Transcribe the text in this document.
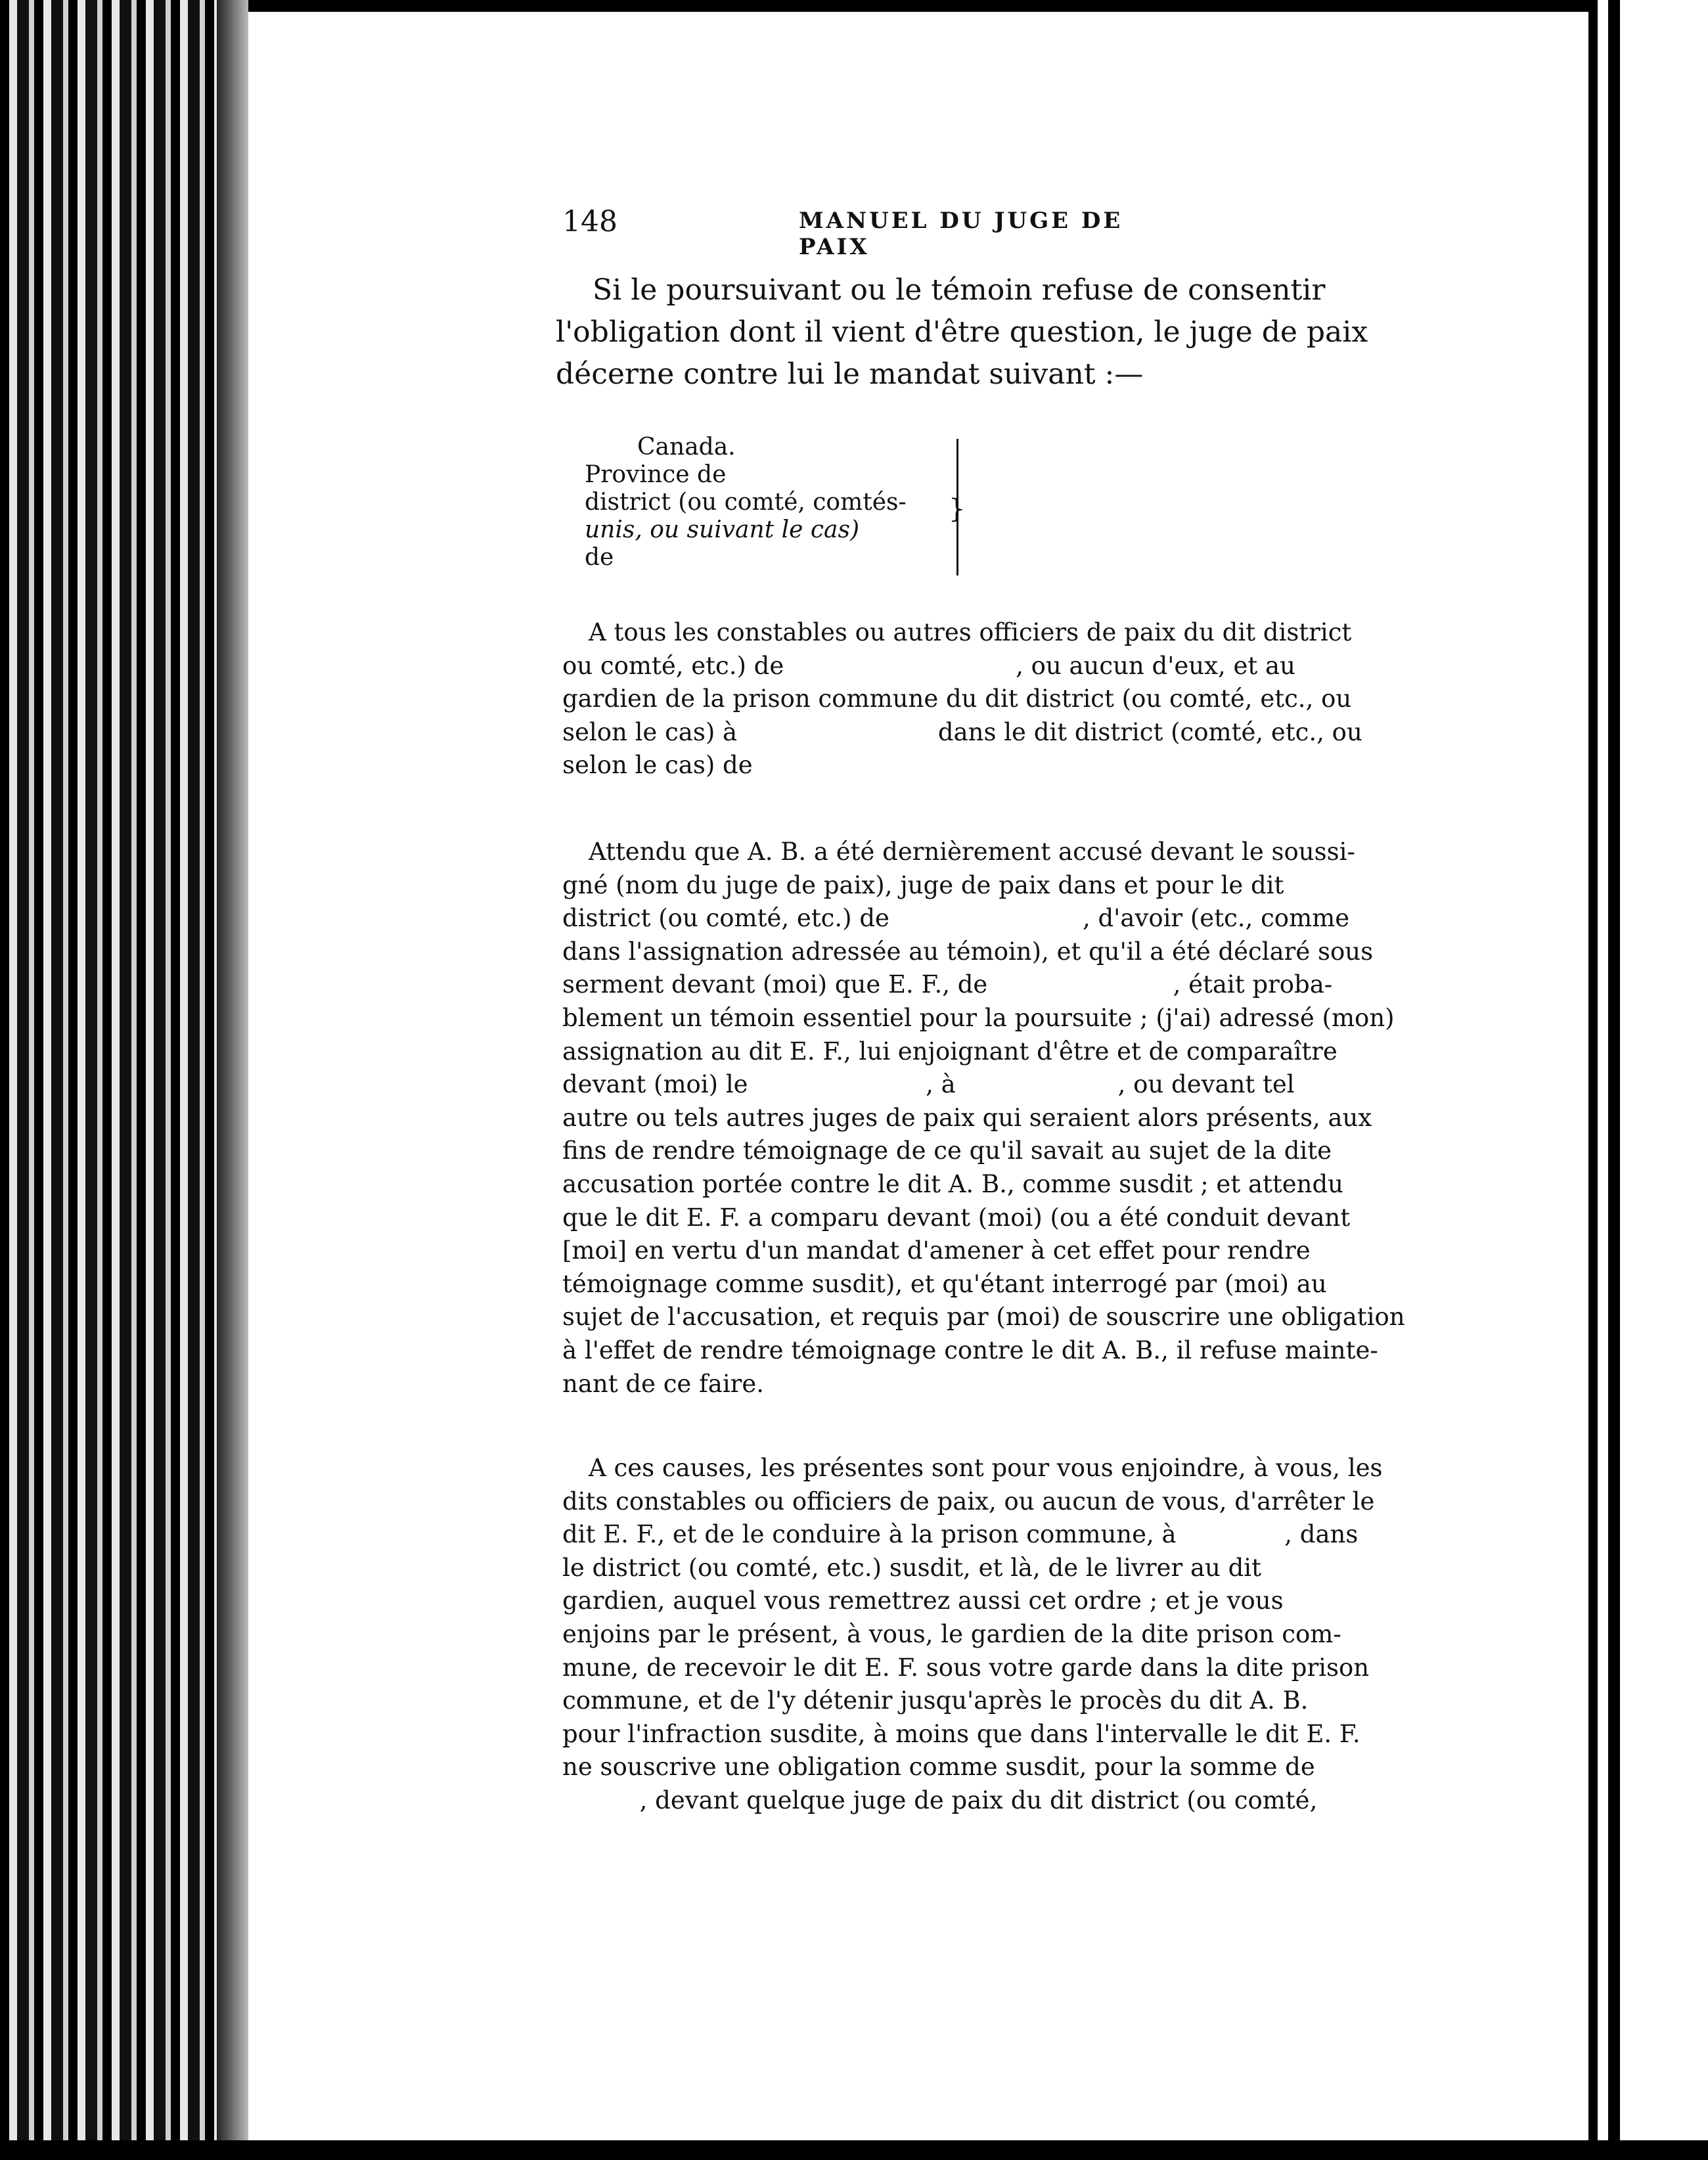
148	MANUEL DU JUGE DE PAIX
Si le poursuivant ou le témoin refuse de consentir
l'obligation dont il vient d'être question, le juge de paix
décerne contre lui le mandat suivant :—
Canada.
Province de
district (ou comté, comtés-
unis, ou suivant le cas)
de
}
A tous les constables ou autres officiers de paix du dit district
ou comté, etc.) de                              , ou aucun d'eux, et au
gardien de la prison commune du dit district (ou comté, etc., ou
selon le cas) à                          dans le dit district (comté, etc., ou
selon le cas) de
Attendu que A. B. a été dernièrement accusé devant le soussi-
gné (nom du juge de paix), juge de paix dans et pour le dit
district (ou comté, etc.) de                         , d'avoir (etc., comme
dans l'assignation adressée au témoin), et qu'il a été déclaré sous
serment devant (moi) que E. F., de                        , était proba-
blement un témoin essentiel pour la poursuite ; (j'ai) adressé (mon)
assignation au dit E. F., lui enjoignant d'être et de comparaître
devant (moi) le                       , à                     , ou devant tel
autre ou tels autres juges de paix qui seraient alors présents, aux
fins de rendre témoignage de ce qu'il savait au sujet de la dite
accusation portée contre le dit A. B., comme susdit ; et attendu
que le dit E. F. a comparu devant (moi) (ou a été conduit devant
[moi] en vertu d'un mandat d'amener à cet effet pour rendre
témoignage comme susdit), et qu'étant interrogé par (moi) au
sujet de l'accusation, et requis par (moi) de souscrire une obligation
à l'effet de rendre témoignage contre le dit A. B., il refuse mainte-
nant de ce faire.
A ces causes, les présentes sont pour vous enjoindre, à vous, les
dits constables ou officiers de paix, ou aucun de vous, d'arrêter le
dit E. F., et de le conduire à la prison commune, à              , dans
le district (ou comté, etc.) susdit, et là, de le livrer au dit
gardien, auquel vous remettrez aussi cet ordre ; et je vous
enjoins par le présent, à vous, le gardien de la dite prison com-
mune, de recevoir le dit E. F. sous votre garde dans la dite prison
commune, et de l'y détenir jusqu'après le procès du dit A. B.
pour l'infraction susdite, à moins que dans l'intervalle le dit E. F.
ne souscrive une obligation comme susdit, pour la somme de
, devant quelque juge de paix du dit district (ou comté,
